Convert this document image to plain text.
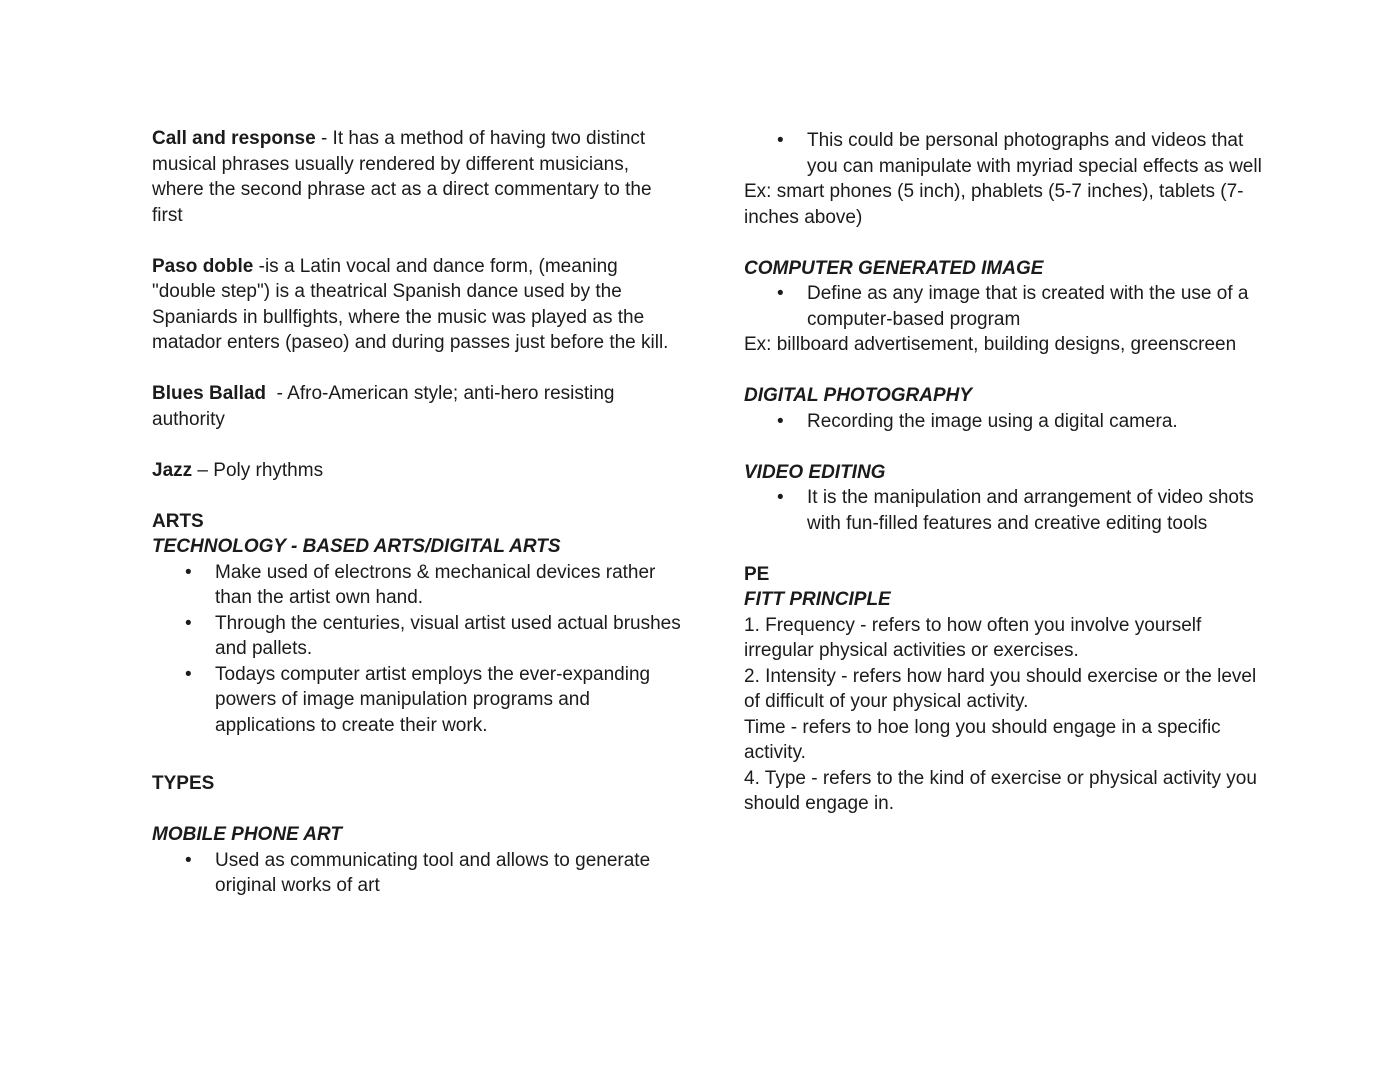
Call and response - It has a method of having two distinct musical phrases usually rendered by different musicians, where the second phrase act as a direct commentary to the first

Paso doble -is a Latin vocal and dance form, (meaning "double step") is a theatrical Spanish dance used by the Spaniards in bullfights, where the music was played as the matador enters (paseo) and during passes just before the kill.

Blues Ballad  - Afro-American style; anti-hero resisting authority

Jazz – Poly rhythms

ARTS

TECHNOLOGY - BASED ARTS/DIGITAL ARTS

• Make used of electrons & mechanical devices rather than the artist own hand.
• Through the centuries, visual artist used actual brushes and pallets.
• Todays computer artist employs the ever-expanding powers of image manipulation programs and applications to create their work.

TYPES

MOBILE PHONE ART

• Used as communicating tool and allows to generate original works of art
• This could be personal photographs and videos that you can manipulate with myriad special effects as well

Ex: smart phones (5 inch), phablets (5-7 inches), tablets (7-inches above)

COMPUTER GENERATED IMAGE

• Define as any image that is created with the use of a computer-based program

Ex: billboard advertisement, building designs, greenscreen

DIGITAL PHOTOGRAPHY

• Recording the image using a digital camera.

VIDEO EDITING

• It is the manipulation and arrangement of video shots with fun-filled features and creative editing tools

PE

FITT PRINCIPLE

1. Frequency - refers to how often you involve yourself irregular physical activities or exercises.

2. Intensity - refers how hard you should exercise or the level of difficult of your physical activity.

Time - refers to hoe long you should engage in a specific activity.

4. Type - refers to the kind of exercise or physical activity you should engage in.
